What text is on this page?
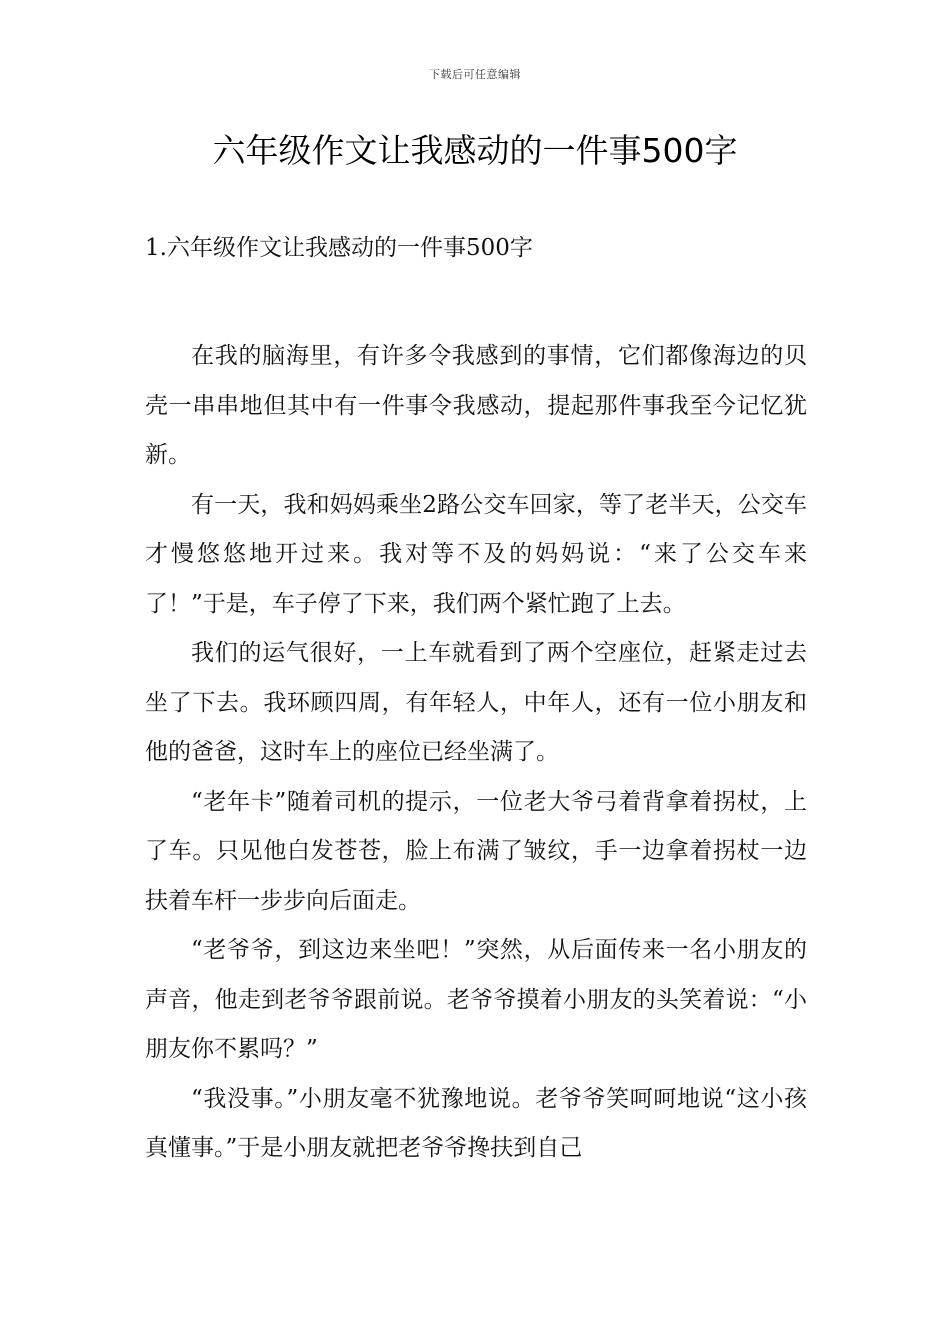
下载后可任意编辑
六年级作文让我感动的一件事500字
1.六年级作文让我感动的一件事500字

在我的脑海里，有许多令我感到的事情，它们都像海边的贝壳一串串地但其中有一件事令我感动，提起那件事我至今记忆犹新。

有一天，我和妈妈乘坐2路公交车回家，等了老半天，公交车才慢悠悠地开过来。我对等不及的妈妈说：“来了公交车来了！”于是，车子停了下来，我们两个紧忙跑了上去。

我们的运气很好，一上车就看到了两个空座位，赶紧走过去坐了下去。我环顾四周，有年轻人，中年人，还有一位小朋友和他的爸爸，这时车上的座位已经坐满了。

“老年卡”随着司机的提示，一位老大爷弓着背拿着拐杖，上了车。只见他白发苍苍，脸上布满了皱纹，手一边拿着拐杖一边扶着车杆一步步向后面走。

“老爷爷，到这边来坐吧！”突然，从后面传来一名小朋友的声音，他走到老爷爷跟前说。老爷爷摸着小朋友的头笑着说：“小朋友你不累吗？”

“我没事。”小朋友毫不犹豫地说。老爷爷笑呵呵地说“这小孩真懂事。”于是小朋友就把老爷爷搀扶到自己
